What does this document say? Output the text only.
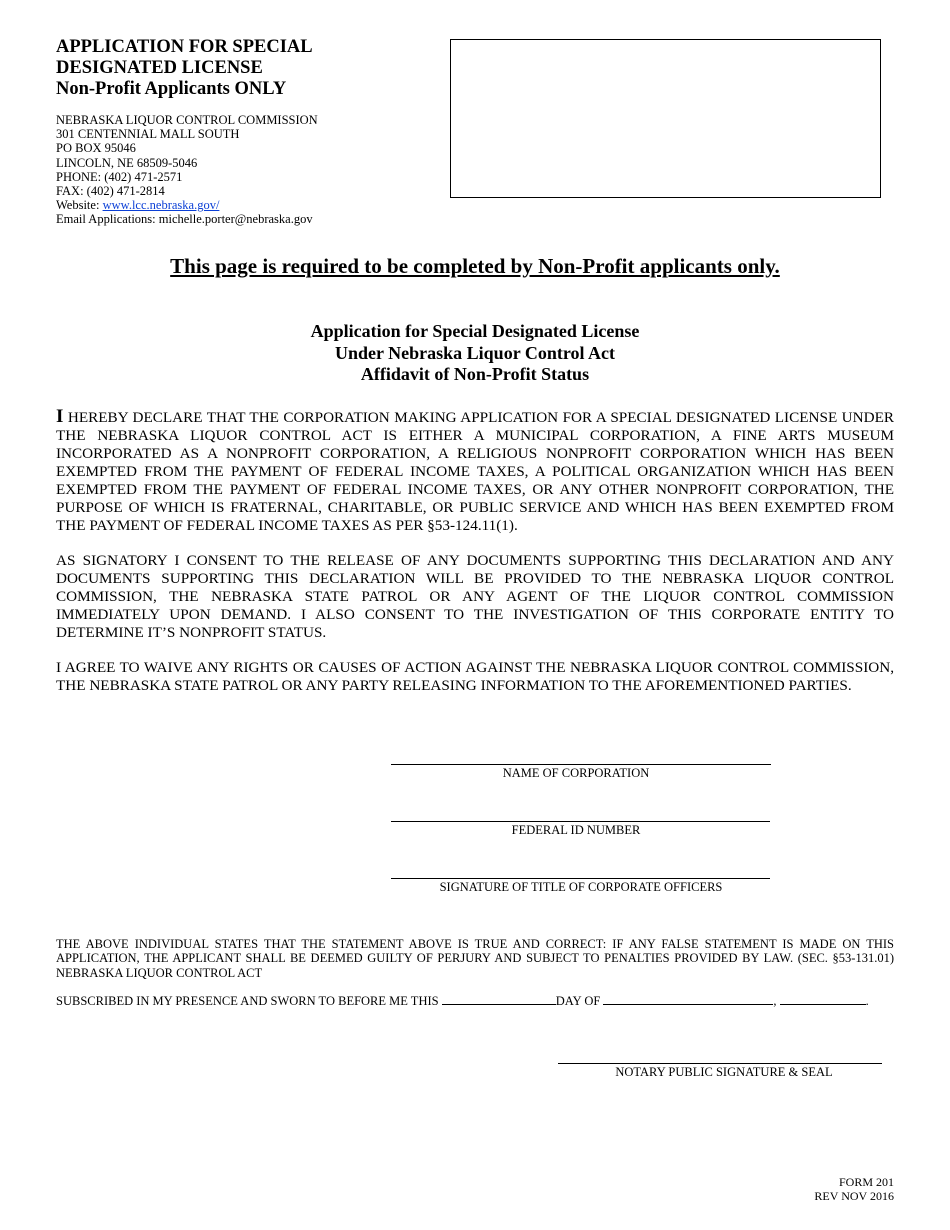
APPLICATION FOR SPECIAL
DESIGNATED LICENSE
Non-Profit Applicants ONLY
NEBRASKA LIQUOR CONTROL COMMISSION
301 CENTENNIAL MALL SOUTH
PO BOX 95046
LINCOLN, NE 68509-5046
PHONE: (402) 471-2571
FAX: (402) 471-2814
Website: www.lcc.nebraska.gov/
Email Applications: michelle.porter@nebraska.gov
This page is required to be completed by Non-Profit applicants only.
Application for Special Designated License
Under Nebraska Liquor Control Act
Affidavit of Non-Profit Status
I HEREBY DECLARE THAT THE CORPORATION MAKING APPLICATION FOR A SPECIAL DESIGNATED LICENSE UNDER THE NEBRASKA LIQUOR CONTROL ACT IS EITHER A MUNICIPAL CORPORATION, A FINE ARTS MUSEUM INCORPORATED AS A NONPROFIT CORPORATION, A RELIGIOUS NONPROFIT CORPORATION WHICH HAS BEEN EXEMPTED FROM THE PAYMENT OF FEDERAL INCOME TAXES, A POLITICAL ORGANIZATION WHICH HAS BEEN EXEMPTED FROM THE PAYMENT OF FEDERAL INCOME TAXES, OR ANY OTHER NONPROFIT CORPORATION, THE PURPOSE OF WHICH IS FRATERNAL, CHARITABLE, OR PUBLIC SERVICE AND WHICH HAS BEEN EXEMPTED FROM THE PAYMENT OF FEDERAL INCOME TAXES AS PER §53-124.11(1).
AS SIGNATORY I CONSENT TO THE RELEASE OF ANY DOCUMENTS SUPPORTING THIS DECLARATION AND ANY DOCUMENTS SUPPORTING THIS DECLARATION WILL BE PROVIDED TO THE NEBRASKA LIQUOR CONTROL COMMISSION, THE NEBRASKA STATE PATROL OR ANY AGENT OF THE LIQUOR CONTROL COMMISSION IMMEDIATELY UPON DEMAND. I ALSO CONSENT TO THE INVESTIGATION OF THIS CORPORATE ENTITY TO DETERMINE IT’S NONPROFIT STATUS.
I AGREE TO WAIVE ANY RIGHTS OR CAUSES OF ACTION AGAINST THE NEBRASKA LIQUOR CONTROL COMMISSION, THE NEBRASKA STATE PATROL OR ANY PARTY RELEASING INFORMATION TO THE AFOREMENTIONED PARTIES.
NAME OF CORPORATION
FEDERAL ID NUMBER
SIGNATURE OF TITLE OF CORPORATE OFFICERS
THE ABOVE INDIVIDUAL STATES THAT THE STATEMENT ABOVE IS TRUE AND CORRECT: IF ANY FALSE STATEMENT IS MADE ON THIS APPLICATION, THE APPLICANT SHALL BE DEEMED GUILTY OF PERJURY AND SUBJECT TO PENALTIES PROVIDED BY LAW. (SEC. §53-131.01) NEBRASKA LIQUOR CONTROL ACT
SUBSCRIBED IN MY PRESENCE AND SWORN TO BEFORE ME THIS	DAY OF	,	.
NOTARY PUBLIC SIGNATURE & SEAL
FORM 201
REV NOV 2016
